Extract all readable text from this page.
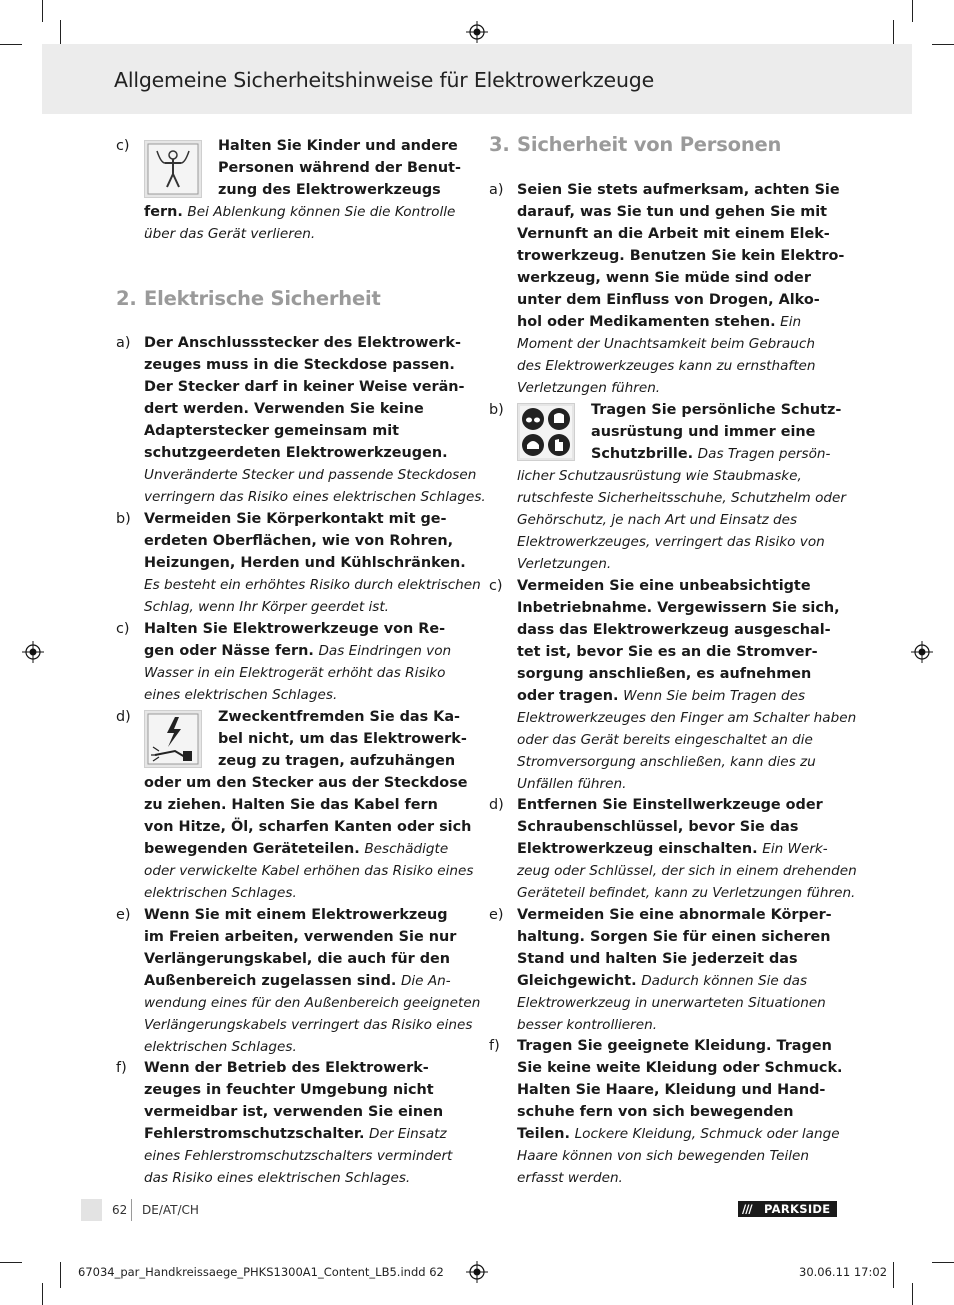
Allgemeine Sicherheitshinweise für Elektrowerkzeuge
c)	Halten Sie Kinder und andere
Personen während der Benut-
zung des Elektrowerkzeugs
fern. Bei Ablenkung können Sie die Kontrolle
über das Gerät verlieren.
2. Elektrische Sicherheit
a) Der Anschlussstecker des Elektrowerk-
zeuges muss in die Steckdose passen.
Der Stecker darf in keiner Weise verän-
dert werden. Verwenden Sie keine
Adapterstecker gemeinsam mit
schutzgeerdeten Elektrowerkzeugen.
Unveränderte Stecker und passende Steckdosen
verringern das Risiko eines elektrischen Schlages.
b) Vermeiden Sie Körperkontakt mit ge-
erdeten Oberflächen, wie von Rohren,
Heizungen, Herden und Kühlschränken.
Es besteht ein erhöhtes Risiko durch elektrischen
Schlag, wenn Ihr Körper geerdet ist.
c) Halten Sie Elektrowerkzeuge von Re-
gen oder Nässe fern. Das Eindringen von
Wasser in ein Elektrogerät erhöht das Risiko
eines elektrischen Schlages.
d)	Zweckentfremden Sie das Ka-
bel nicht, um das Elektrowerk-
zeug zu tragen, aufzuhängen
oder um den Stecker aus der Steckdose
zu ziehen. Halten Sie das Kabel fern
von Hitze, Öl, scharfen Kanten oder sich
bewegenden Geräteteilen. Beschädigte
oder verwickelte Kabel erhöhen das Risiko eines
elektrischen Schlages.
e) Wenn Sie mit einem Elektrowerkzeug
im Freien arbeiten, verwenden Sie nur
Verlängerungskabel, die auch für den
Außenbereich zugelassen sind. Die An-
wendung eines für den Außenbereich geeigneten
Verlängerungskabels verringert das Risiko eines
elektrischen Schlages.
f) Wenn der Betrieb des Elektrowerk-
zeuges in feuchter Umgebung nicht
vermeidbar ist, verwenden Sie einen
Fehlerstromschutzschalter. Der Einsatz
eines Fehlerstromschutzschalters vermindert
das Risiko eines elektrischen Schlages.
3. Sicherheit von Personen
a) Seien Sie stets aufmerksam, achten Sie
darauf, was Sie tun und gehen Sie mit
Vernunft an die Arbeit mit einem Elek-
trowerkzeug. Benutzen Sie kein Elektro-
werkzeug, wenn Sie müde sind oder
unter dem Einfluss von Drogen, Alko-
hol oder Medikamenten stehen. Ein
Moment der Unachtsamkeit beim Gebrauch
des Elektrowerkzeuges kann zu ernsthaften
Verletzungen führen.
b)	Tragen Sie persönliche Schutz-
ausrüstung und immer eine
Schutzbrille. Das Tragen persön-
licher Schutzausrüstung wie Staubmaske,
rutschfeste Sicherheitsschuhe, Schutzhelm oder
Gehörschutz, je nach Art und Einsatz des
Elektrowerkzeuges, verringert das Risiko von
Verletzungen.
c) Vermeiden Sie eine unbeabsichtigte
Inbetriebnahme. Vergewissern Sie sich,
dass das Elektrowerkzeug ausgeschal-
tet ist, bevor Sie es an die Stromver-
sorgung anschließen, es aufnehmen
oder tragen. Wenn Sie beim Tragen des
Elektrowerkzeuges den Finger am Schalter haben
oder das Gerät bereits eingeschaltet an die
Stromversorgung anschließen, kann dies zu
Unfällen führen.
d) Entfernen Sie Einstellwerkzeuge oder
Schraubenschlüssel, bevor Sie das
Elektrowerkzeug einschalten. Ein Werk-
zeug oder Schlüssel, der sich in einem drehenden
Geräteteil befindet, kann zu Verletzungen führen.
e) Vermeiden Sie eine abnormale Körper-
haltung. Sorgen Sie für einen sicheren
Stand und halten Sie jederzeit das
Gleichgewicht. Dadurch können Sie das
Elektrowerkzeug in unerwarteten Situationen
besser kontrollieren.
f) Tragen Sie geeignete Kleidung. Tragen
Sie keine weite Kleidung oder Schmuck.
Halten Sie Haare, Kleidung und Hand-
schuhe fern von sich bewegenden
Teilen. Lockere Kleidung, Schmuck oder lange
Haare können von sich bewegenden Teilen
erfasst werden.
62 DE/AT/CH	/// PARKSIDE
67034_par_Handkreissaege_PHKS1300A1_Content_LB5.indd 62	30.06.11 17:02
